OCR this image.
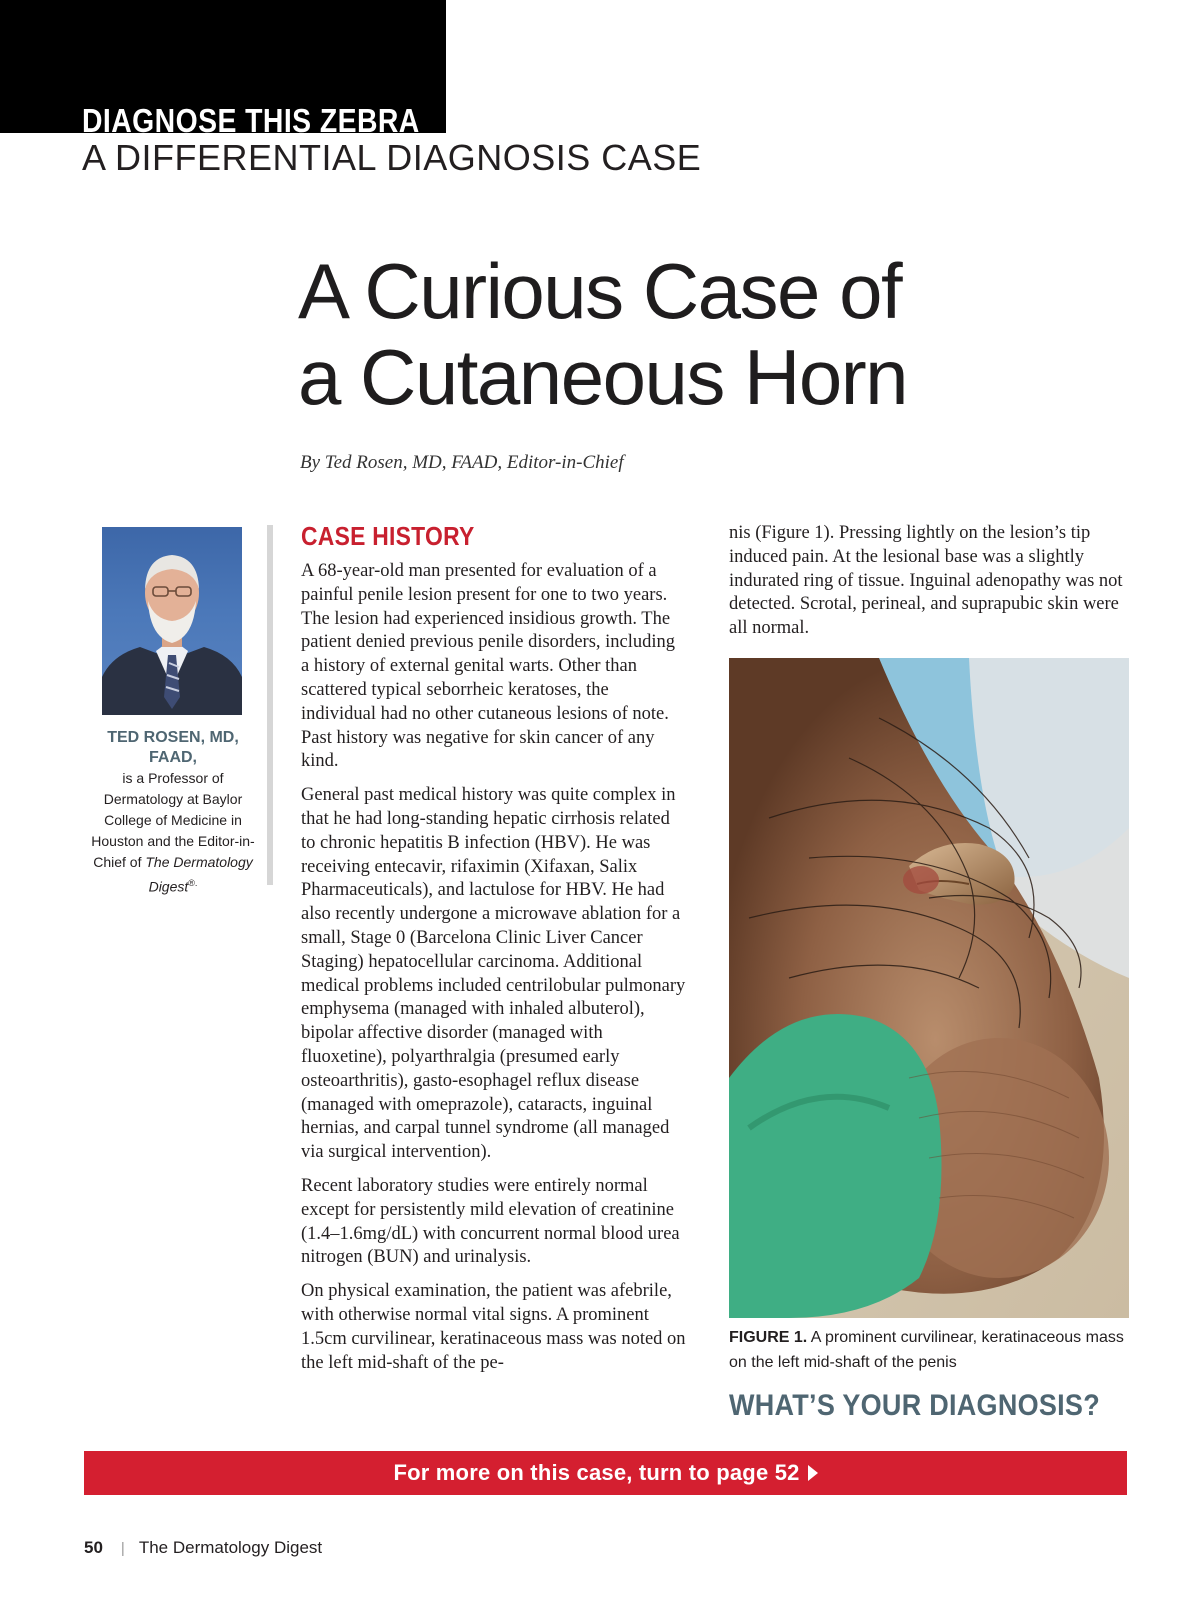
DIAGNOSE THIS ZEBRA
A DIFFERENTIAL DIAGNOSIS CASE
A Curious Case of
a Cutaneous Horn

By Ted Rosen, MD, FAAD, Editor-in-Chief

TED ROSEN, MD, FAAD,
is a Professor of Dermatology at Baylor College of Medicine in Houston and the Editor-in-Chief of The Dermatology Digest®.

CASE HISTORY

A 68-year-old man presented for evaluation of a painful penile lesion present for one to two years. The lesion had experienced insidious growth. The patient denied previous penile disorders, including a history of external genital warts. Other than scattered typical seborrheic keratoses, the individual had no other cutaneous lesions of note. Past history was negative for skin cancer of any kind.

General past medical history was quite complex in that he had long-standing hepatic cirrhosis related to chronic hepatitis B infection (HBV). He was receiving entecavir, rifaximin (Xifaxan, Salix Pharmaceuticals), and lactulose for HBV. He had also recently undergone a microwave ablation for a small, Stage 0 (Barcelona Clinic Liver Cancer Staging) hepatocellular carcinoma. Additional medical problems included centrilobular pulmonary emphysema (managed with inhaled albuterol), bipolar affective disorder (managed with fluoxetine), polyarthralgia (presumed early osteoarthritis), gasto-esophagel reflux disease (managed with omeprazole), cataracts, inguinal hernias, and carpal tunnel syndrome (all managed via surgical intervention).

Recent laboratory studies were entirely normal except for persistently mild elevation of creatinine (1.4–1.6mg/dL) with concurrent normal blood urea nitrogen (BUN) and urinalysis.

On physical examination, the patient was afebrile, with otherwise normal vital signs. A prominent 1.5cm curvilinear, keratinaceous mass was noted on the left mid-shaft of the pe-

nis (Figure 1). Pressing lightly on the lesion’s tip induced pain. At the lesional base was a slightly indurated ring of tissue. Inguinal adenopathy was not detected. Scrotal, perineal, and suprapubic skin were all normal.

FIGURE 1. A prominent curvilinear, keratinaceous mass on the left mid-shaft of the penis

WHAT’S YOUR DIAGNOSIS?
For more on this case, turn to page 52
50 | The Dermatology Digest
